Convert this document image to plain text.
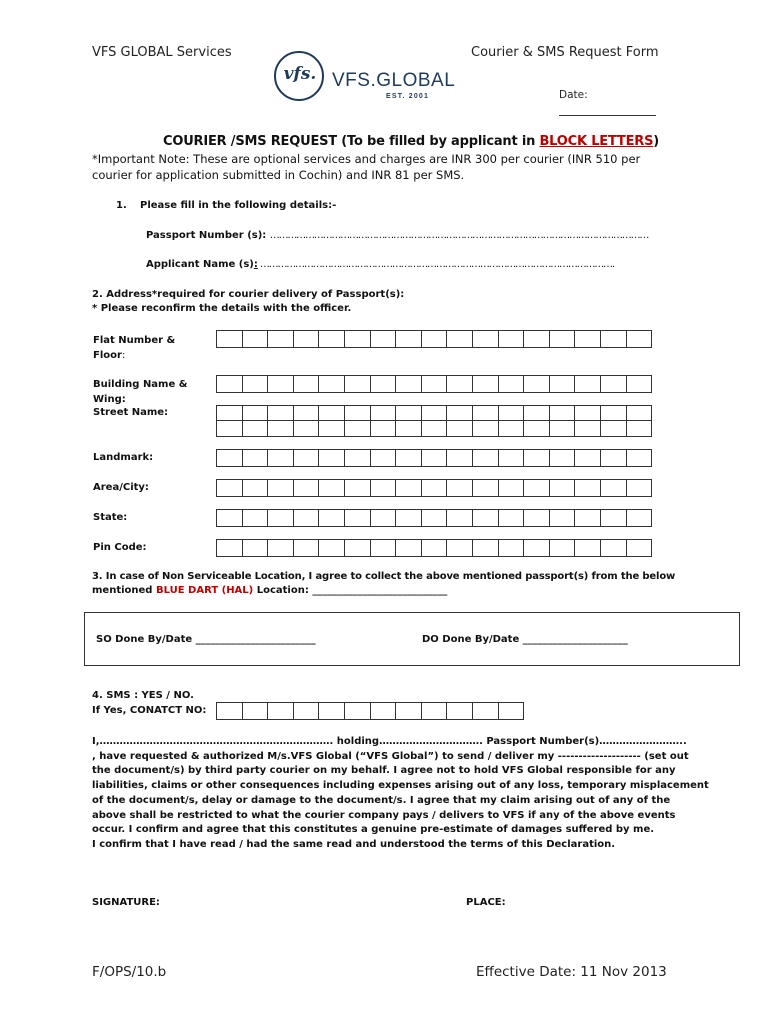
VFS GLOBAL Services	Courier & SMS Request Form
vfs. VFS.GLOBAL
EST. 2001	Date:
COURIER /SMS REQUEST (To be filled by applicant in BLOCK LETTERS)
*Important Note: These are optional services and charges are INR 300 per courier (INR 510 per
courier for application submitted in Cochin) and INR 81 per SMS.
1. Please fill in the following details:-
Passport Number (s): …………………………………………………………………………………………………………………
Applicant Name (s): ………………………………………………………………………………………………………….
2. Address*required for courier delivery of Passport(s):
* Please reconfirm the details with the officer.
Flat Number &
Floor:
Building Name &
Wing:
Street Name:
Landmark:
Area/City:
State:
Pin Code:
3. In case of Non Serviceable Location, I agree to collect the above mentioned passport(s) from the below
mentioned BLUE DART (HAL) Location: ___________________________
SO Done By/Date ________________________	DO Done By/Date _____________________
4. SMS : YES / NO.
If Yes, CONATCT NO:
I,……………………………………………………………. holding…………………………. Passport Number(s)……………………..
, have requested & authorized M/s.VFS Global (“VFS Global”) to send / deliver my -------------------- (set out
the document/s) by third party courier on my behalf. I agree not to hold VFS Global responsible for any
liabilities, claims or other consequences including expenses arising out of any loss, temporary misplacement
of the document/s, delay or damage to the document/s. I agree that my claim arising out of any of the
above shall be restricted to what the courier company pays / delivers to VFS if any of the above events
occur. I confirm and agree that this constitutes a genuine pre-estimate of damages suffered by me.
I confirm that I have read / had the same read and understood the terms of this Declaration.
SIGNATURE:	PLACE:
F/OPS/10.b	Effective Date: 11 Nov 2013
